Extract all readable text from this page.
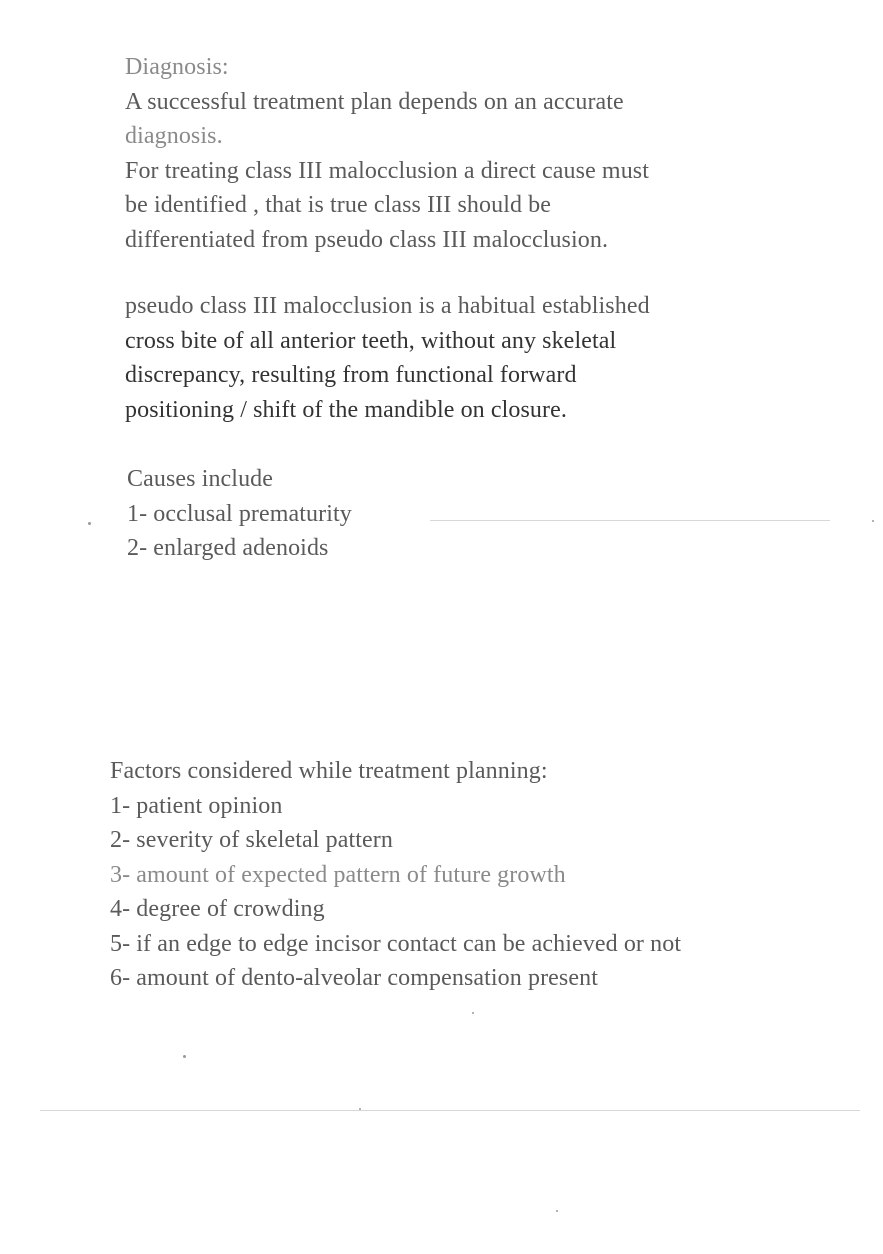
Diagnosis:

A successful treatment plan depends on an accurate

diagnosis.

For treating class III malocclusion a direct cause must

be identified , that is true class III should be

differentiated from pseudo class III malocclusion.

pseudo class III malocclusion is a habitual established

cross bite of all anterior teeth, without any skeletal

discrepancy, resulting from functional forward

positioning / shift of the mandible on closure.

Causes include

1- occlusal prematurity

2- enlarged adenoids

Factors considered while treatment planning:

1- patient opinion

2- severity of skeletal pattern

3- amount of expected pattern of future growth

4- degree of crowding

5- if an edge to edge incisor contact can be achieved or not

6- amount of dento-alveolar compensation present
